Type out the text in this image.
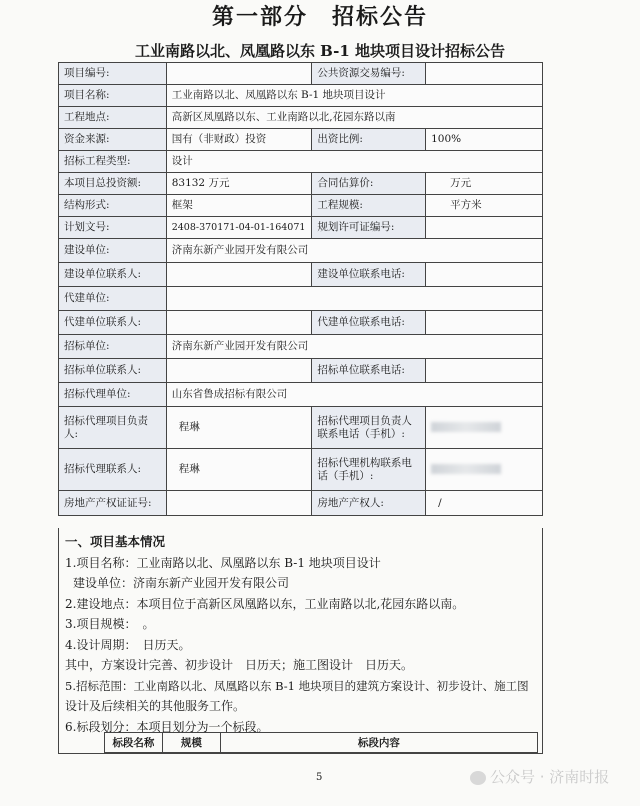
第一部分　招标公告
工业南路以北、凤凰路以东 B-1 地块项目设计招标公告
项目编号:		公共资源交易编号:	
项目名称:	工业南路以北、凤凰路以东 B-1 地块项目设计		
工程地点:	高新区凤凰路以东、工业南路以北,花园东路以南		
资金来源:	国有（非财政）投资	出资比例:	100%
招标工程类型:	设计		
本项目总投资额:	83132 万元	合同估算价:	万元
结构形式:	框架	工程规模:	平方米
计划文号:	2408-370171-04-01-164071	规划许可证编号:	
建设单位:	济南东新产业园开发有限公司		
建设单位联系人:		建设单位联系电话:	
代建单位:			
代建单位联系人:		代建单位联系电话:	
招标单位:	济南东新产业园开发有限公司		
招标单位联系人:		招标单位联系电话:	
招标代理单位:	山东省鲁成招标有限公司		
招标代理项目负责人:	程琳	招标代理项目负责人联系电话（手机）:	
招标代理联系人:	程琳	招标代理机构联系电话（手机）:	
房地产产权证证号:		房地产产权人:	/
一、项目基本情况
1.项目名称：工业南路以北、凤凰路以东 B-1 地块项目设计
建设单位：济南东新产业园开发有限公司
2.建设地点：本项目位于高新区凤凰路以东，工业南路以北,花园东路以南。
3.项目规模：　。
4.设计周期：　日历天。
其中，方案设计完善、初步设计　日历天；施工图设计　日历天。
5.招标范围：工业南路以北、凤凰路以东 B-1 地块项目的建筑方案设计、初步设计、施工图
设计及后续相关的其他服务工作。
6.标段划分：本项目划分为一个标段。
标段名称	规模	标段内容
5	公众号 · 济南时报
